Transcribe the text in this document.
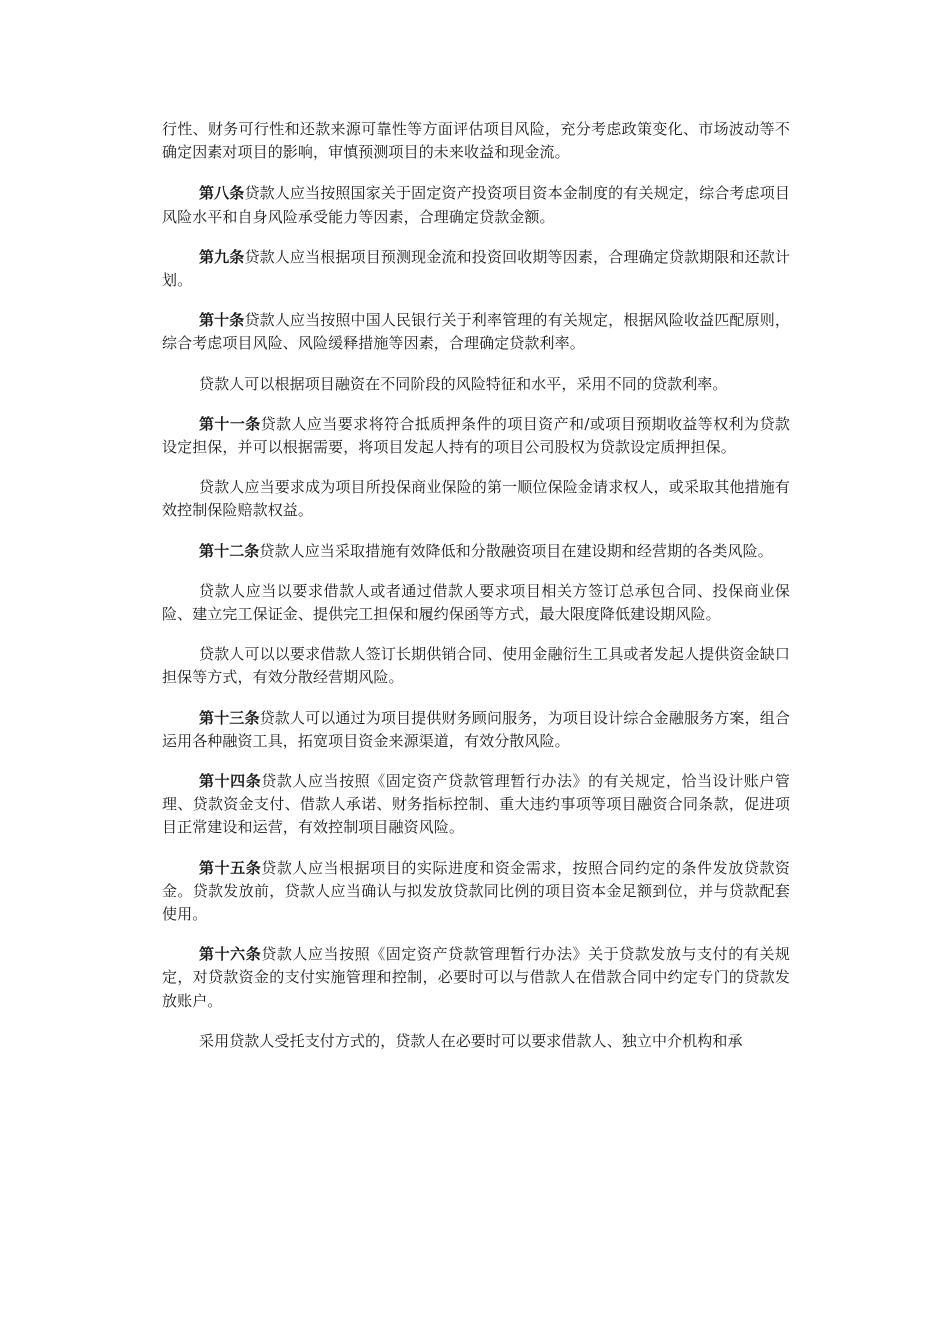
行性、财务可行性和还款来源可靠性等方面评估项目风险，充分考虑政策变化、市场波动等不确定因素对项目的影响，审慎预测项目的未来收益和现金流。

第八条贷款人应当按照国家关于固定资产投资项目资本金制度的有关规定，综合考虑项目风险水平和自身风险承受能力等因素，合理确定贷款金额。

第九条贷款人应当根据项目预测现金流和投资回收期等因素，合理确定贷款期限和还款计划。

第十条贷款人应当按照中国人民银行关于利率管理的有关规定，根据风险收益匹配原则，综合考虑项目风险、风险缓释措施等因素，合理确定贷款利率。

贷款人可以根据项目融资在不同阶段的风险特征和水平，采用不同的贷款利率。

第十一条贷款人应当要求将符合抵质押条件的项目资产和/或项目预期收益等权利为贷款设定担保，并可以根据需要，将项目发起人持有的项目公司股权为贷款设定质押担保。

贷款人应当要求成为项目所投保商业保险的第一顺位保险金请求权人，或采取其他措施有效控制保险赔款权益。

第十二条贷款人应当采取措施有效降低和分散融资项目在建设期和经营期的各类风险。

贷款人应当以要求借款人或者通过借款人要求项目相关方签订总承包合同、投保商业保险、建立完工保证金、提供完工担保和履约保函等方式，最大限度降低建设期风险。

贷款人可以以要求借款人签订长期供销合同、使用金融衍生工具或者发起人提供资金缺口担保等方式，有效分散经营期风险。

第十三条贷款人可以通过为项目提供财务顾问服务，为项目设计综合金融服务方案，组合运用各种融资工具，拓宽项目资金来源渠道，有效分散风险。

第十四条贷款人应当按照《固定资产贷款管理暂行办法》的有关规定，恰当设计账户管理、贷款资金支付、借款人承诺、财务指标控制、重大违约事项等项目融资合同条款，促进项目正常建设和运营，有效控制项目融资风险。

第十五条贷款人应当根据项目的实际进度和资金需求，按照合同约定的条件发放贷款资金。贷款发放前，贷款人应当确认与拟发放贷款同比例的项目资本金足额到位，并与贷款配套使用。

第十六条贷款人应当按照《固定资产贷款管理暂行办法》关于贷款发放与支付的有关规定，对贷款资金的支付实施管理和控制，必要时可以与借款人在借款合同中约定专门的贷款发放账户。

采用贷款人受托支付方式的，贷款人在必要时可以要求借款人、独立中介机构和承
